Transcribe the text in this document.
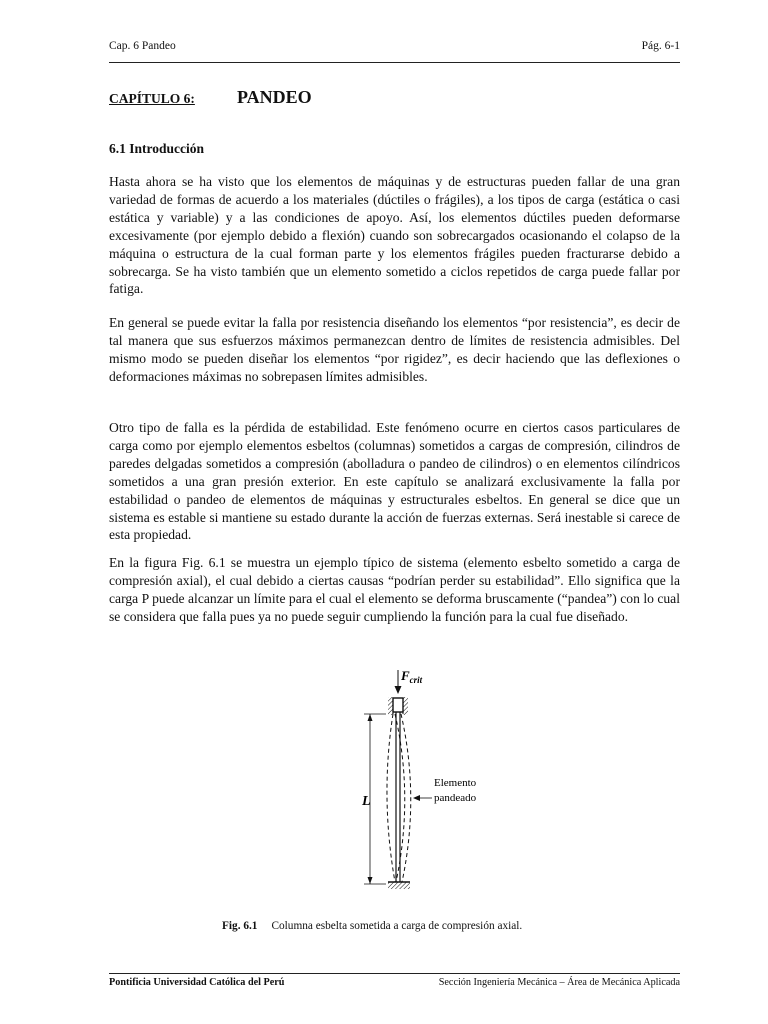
Cap. 6 Pandeo	Pág. 6-1
CAPÍTULO 6: PANDEO
6.1 Introducción

Hasta ahora se ha visto que los elementos de máquinas y de estructuras pueden fallar de una gran variedad de formas de acuerdo a los materiales (dúctiles o frágiles), a los tipos de carga (estática o casi estática y variable) y a las condiciones de apoyo. Así, los elementos dúctiles pueden deformarse excesivamente (por ejemplo debido a flexión) cuando son sobrecargados ocasionando el colapso de la máquina o estructura de la cual forman parte y los elementos frágiles pueden fracturarse debido a sobrecarga. Se ha visto también que un elemento sometido a ciclos repetidos de carga puede fallar por fatiga.

En general se puede evitar la falla por resistencia diseñando los elementos “por resistencia”, es decir de tal manera que sus esfuerzos máximos permanezcan dentro de límites de resistencia admisibles. Del mismo modo se pueden diseñar los elementos “por rigidez”, es decir haciendo que las deflexiones o deformaciones máximas no sobrepasen límites admisibles.

Otro tipo de falla es la pérdida de estabilidad. Este fenómeno ocurre en ciertos casos particulares de carga como por ejemplo elementos esbeltos (columnas) sometidos a cargas de compresión, cilindros de paredes delgadas sometidos a compresión (abolladura o pandeo de cilindros) o en elementos cilíndricos sometidos a una gran presión exterior. En este capítulo se analizará exclusivamente la falla por estabilidad o pandeo de elementos de máquinas y estructurales esbeltos. En general se dice que un sistema es estable si mantiene su estado durante la acción de fuerzas externas. Será inestable si carece de esta propiedad.

En la figura Fig. 6.1 se muestra un ejemplo típico de sistema (elemento esbelto sometido a carga de compresión axial), el cual debido a ciertas causas “podrían perder su estabilidad”. Ello significa que la carga P puede alcanzar un límite para el cual el elemento se deforma bruscamente (“pandea”) con lo cual se considera que falla pues ya no puede seguir cumpliendo la función para la cual fue diseñado.

$F_{crit}$
L
Elemento
pandeado
Fig. 6.1 Columna esbelta sometida a carga de compresión axial.
Pontificia Universidad Católica del Perú	Sección Ingeniería Mecánica – Área de Mecánica Aplicada
